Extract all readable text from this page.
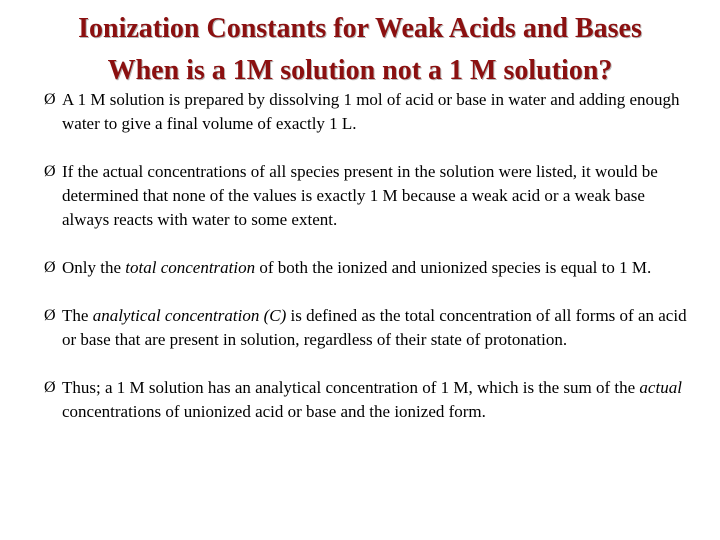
Ionization Constants for Weak Acids and Bases
When is a 1M solution not a 1 M solution?
Ø A 1 M solution is prepared by dissolving 1 mol of acid or base in water and adding enough water to give a final volume of exactly 1 L.
Ø If the actual concentrations of all species present in the solution were listed, it would be determined that none of the values is exactly 1 M because a weak acid or a weak base always reacts with water to some extent.
Ø Only the total concentration of both the ionized and unionized species is equal to 1 M.
Ø The analytical concentration (C) is defined as the total concentration of all forms of an acid or base that are present in solution, regardless of their state of protonation.
Ø Thus; a 1 M solution has an analytical concentration of 1 M, which is the sum of the actual concentrations of unionized acid or base and the ionized form.
